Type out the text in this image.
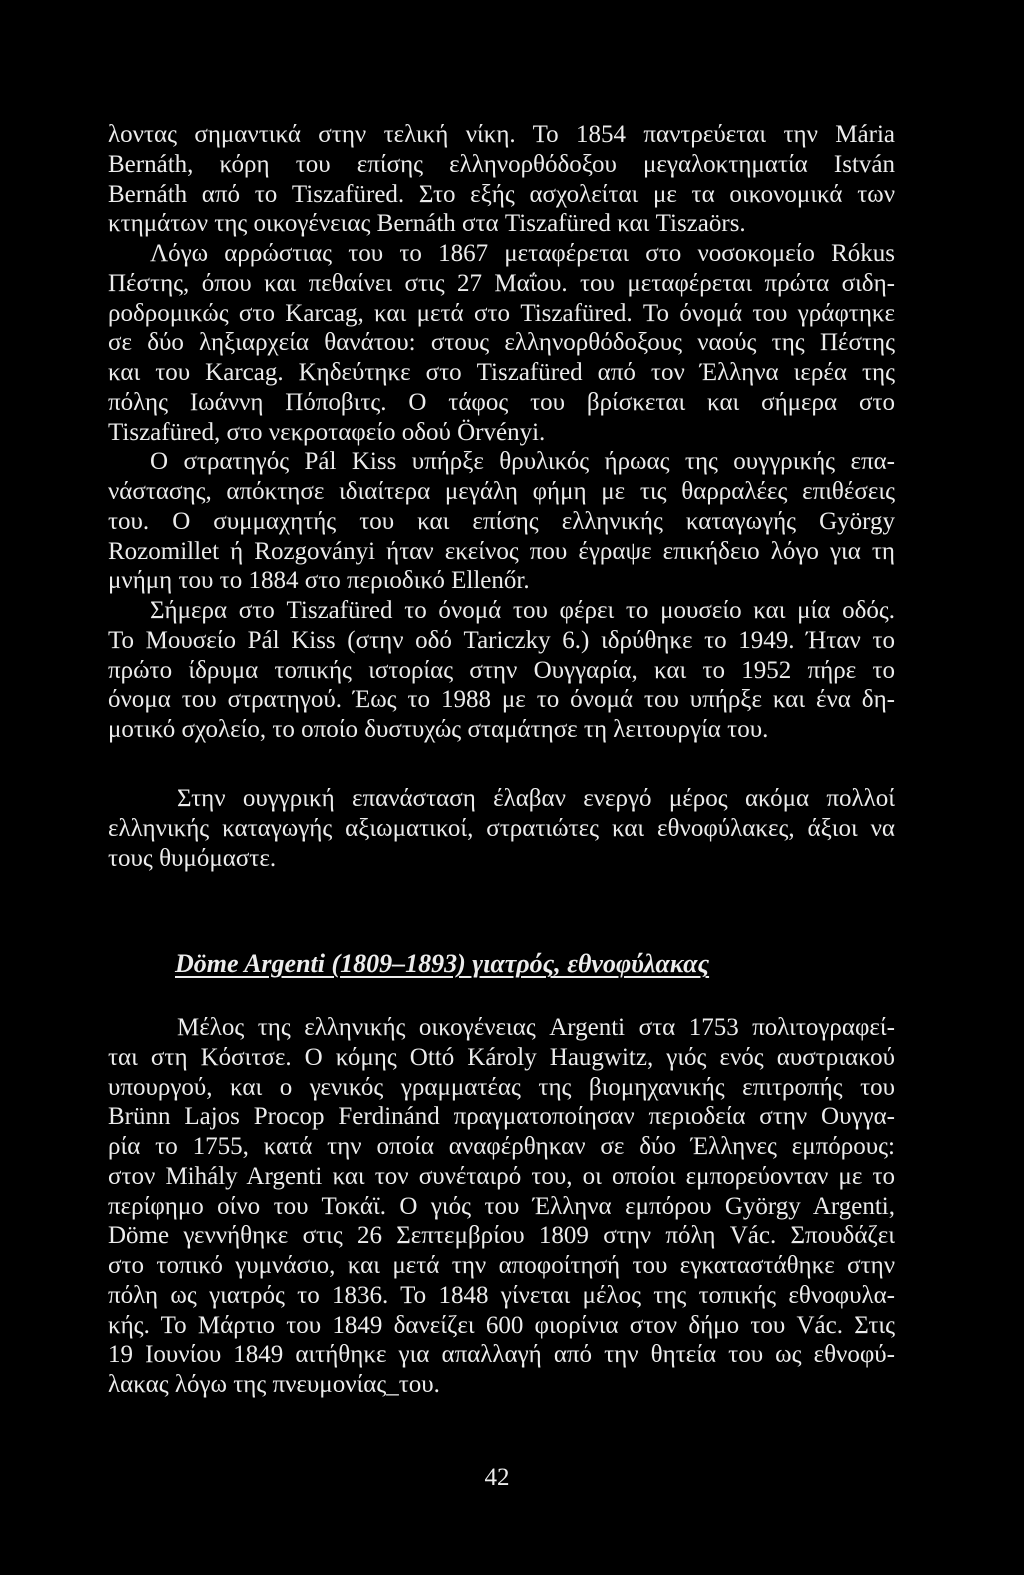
λοντας σημαντικά στην τελική νίκη. Το 1854 παντρεύεται την Mária
Bernáth, κόρη του επίσης ελληνορθόδοξου μεγαλοκτηματία István
Bernáth από το Tiszafüred. Στο εξής ασχολείται με τα οικονομικά των
κτημάτων της οικογένειας Bernáth στα Tiszafüred και Tiszaörs.
Λόγω αρρώστιας του το 1867 μεταφέρεται στο νοσοκομείο Rókus
Πέστης, όπου και πεθαίνει στις 27 Μαΐου. του μεταφέρεται πρώτα σιδη-
ροδρομικώς στο Karcag, και μετά στο Tiszafüred. Το όνομά του γράφτηκε
σε δύο ληξιαρχεία θανάτου: στους ελληνορθόδοξους ναούς της Πέστης
και του Karcag. Κηδεύτηκε στο Tiszafüred από τον Έλληνα ιερέα της
πόλης Ιωάννη Πόποβιτς. Ο τάφος του βρίσκεται και σήμερα στο
Tiszafüred, στο νεκροταφείο οδού Örvényi.
Ο στρατηγός Pál Kiss υπήρξε θρυλικός ήρωας της ουγγρικής επα-
νάστασης, απόκτησε ιδιαίτερα μεγάλη φήμη με τις θαρραλέες επιθέσεις
του. Ο συμμαχητής του και επίσης ελληνικής καταγωγής György
Rozomillet ή Rozgoványi ήταν εκείνος που έγραψε επικήδειο λόγο για τη
μνήμη του το 1884 στο περιοδικό Ellenőr.
Σήμερα στο Tiszafüred το όνομά του φέρει το μουσείο και μία οδός.
Το Μουσείο Pál Kiss (στην οδό Tariczky 6.) ιδρύθηκε το 1949. Ήταν το
πρώτο ίδρυμα τοπικής ιστορίας στην Ουγγαρία, και το 1952 πήρε το
όνομα του στρατηγού. Έως το 1988 με το όνομά του υπήρξε και ένα δη-
μοτικό σχολείο, το οποίο δυστυχώς σταμάτησε τη λειτουργία του.
Στην ουγγρική επανάσταση έλαβαν ενεργό μέρος ακόμα πολλοί
ελληνικής καταγωγής αξιωματικοί, στρατιώτες και εθνοφύλακες, άξιοι να
τους θυμόμαστε.
Döme Argenti (1809–1893) γιατρός, εθνοφύλακας
Μέλος της ελληνικής οικογένειας Argenti στα 1753 πολιτογραφεί-
ται στη Κόσιτσε. Ο κόμης Ottó Károly Haugwitz, γιός ενός αυστριακού
υπουργού, και ο γενικός γραμματέας της βιομηχανικής επιτροπής του
Brünn Lajos Procop Ferdinánd πραγματοποίησαν περιοδεία στην Ουγγα-
ρία το 1755, κατά την οποία αναφέρθηκαν σε δύο Έλληνες εμπόρους:
στον Mihály Argenti και τον συνέταιρό του, οι οποίοι εμπορεύονταν με το
περίφημο οίνο του Τοκάϊ. Ο γιός του Έλληνα εμπόρου György Argenti,
Döme γεννήθηκε στις 26 Σεπτεμβρίου 1809 στην πόλη Vác. Σπουδάζει
στο τοπικό γυμνάσιο, και μετά την αποφοίτησή του εγκαταστάθηκε στην
πόλη ως γιατρός το 1836. Το 1848 γίνεται μέλος της τοπικής εθνοφυλα-
κής. Το Μάρτιο του 1849 δανείζει 600 φιορίνια στον δήμο του Vác. Στις
19 Ιουνίου 1849 αιτήθηκε για απαλλαγή από την θητεία του ως εθνοφύ-
λακας λόγω της πνευμονίας_του.
42
